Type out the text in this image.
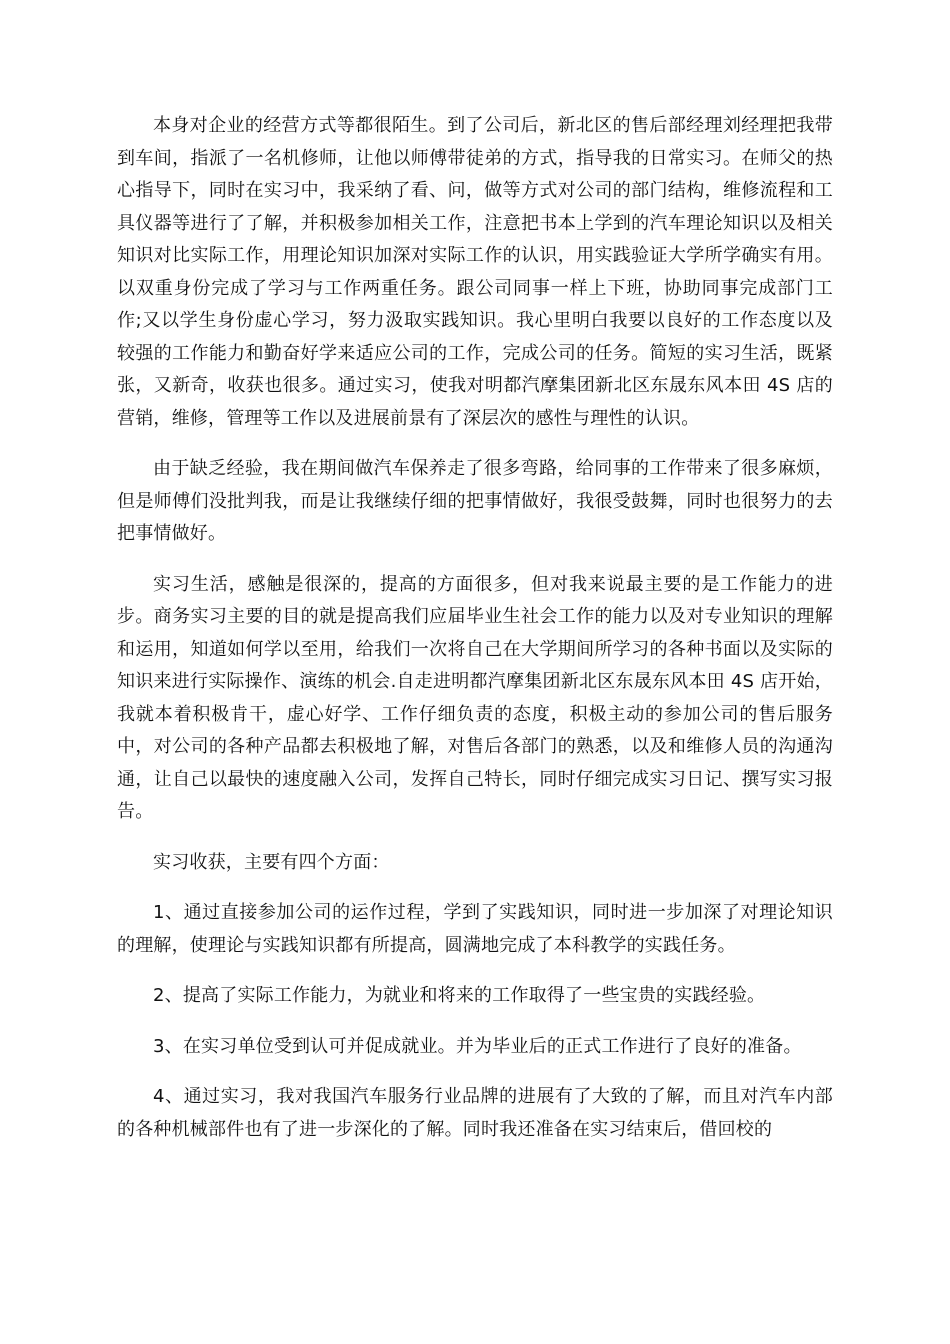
本身对企业的经营方式等都很陌生。到了公司后，新北区的售后部经理刘经理把我带到车间，指派了一名机修师，让他以师傅带徒弟的方式，指导我的日常实习。在师父的热心指导下，同时在实习中，我采纳了看、问，做等方式对公司的部门结构，维修流程和工具仪器等进行了了解，并积极参加相关工作，注意把书本上学到的汽车理论知识以及相关知识对比实际工作，用理论知识加深对实际工作的认识，用实践验证大学所学确实有用。以双重身份完成了学习与工作两重任务。跟公司同事一样上下班，协助同事完成部门工作;又以学生身份虚心学习，努力汲取实践知识。我心里明白我要以良好的工作态度以及较强的工作能力和勤奋好学来适应公司的工作，完成公司的任务。简短的实习生活，既紧张，又新奇，收获也很多。通过实习，使我对明都汽摩集团新北区东晟东风本田 4S 店的营销，维修，管理等工作以及进展前景有了深层次的感性与理性的认识。

由于缺乏经验，我在期间做汽车保养走了很多弯路，给同事的工作带来了很多麻烦，但是师傅们没批判我，而是让我继续仔细的把事情做好，我很受鼓舞，同时也很努力的去把事情做好。

实习生活，感触是很深的，提高的方面很多，但对我来说最主要的是工作能力的进步。商务实习主要的目的就是提高我们应届毕业生社会工作的能力以及对专业知识的理解和运用，知道如何学以至用，给我们一次将自己在大学期间所学习的各种书面以及实际的知识来进行实际操作、演练的机会.自走进明都汽摩集团新北区东晟东风本田 4S 店开始，我就本着积极肯干，虚心好学、工作仔细负责的态度，积极主动的参加公司的售后服务中，对公司的各种产品都去积极地了解，对售后各部门的熟悉，以及和维修人员的沟通沟通，让自己以最快的速度融入公司，发挥自己特长，同时仔细完成实习日记、撰写实习报告。

实习收获，主要有四个方面：

1、通过直接参加公司的运作过程，学到了实践知识，同时进一步加深了对理论知识的理解，使理论与实践知识都有所提高，圆满地完成了本科教学的实践任务。

2、提高了实际工作能力，为就业和将来的工作取得了一些宝贵的实践经验。

3、在实习单位受到认可并促成就业。并为毕业后的正式工作进行了良好的准备。

4、通过实习，我对我国汽车服务行业品牌的进展有了大致的了解，而且对汽车内部的各种机械部件也有了进一步深化的了解。同时我还准备在实习结束后，借回校的
